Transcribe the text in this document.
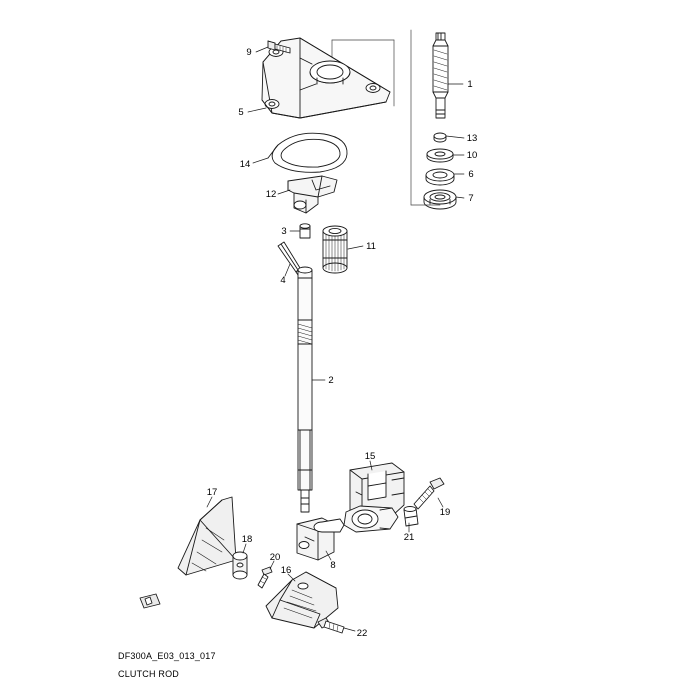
1
2
3
4
5
6
7
8
9
10
11
12
13
14
15
16
17
18
19
20
21
22
DF300A_E03_013_017
CLUTCH ROD
